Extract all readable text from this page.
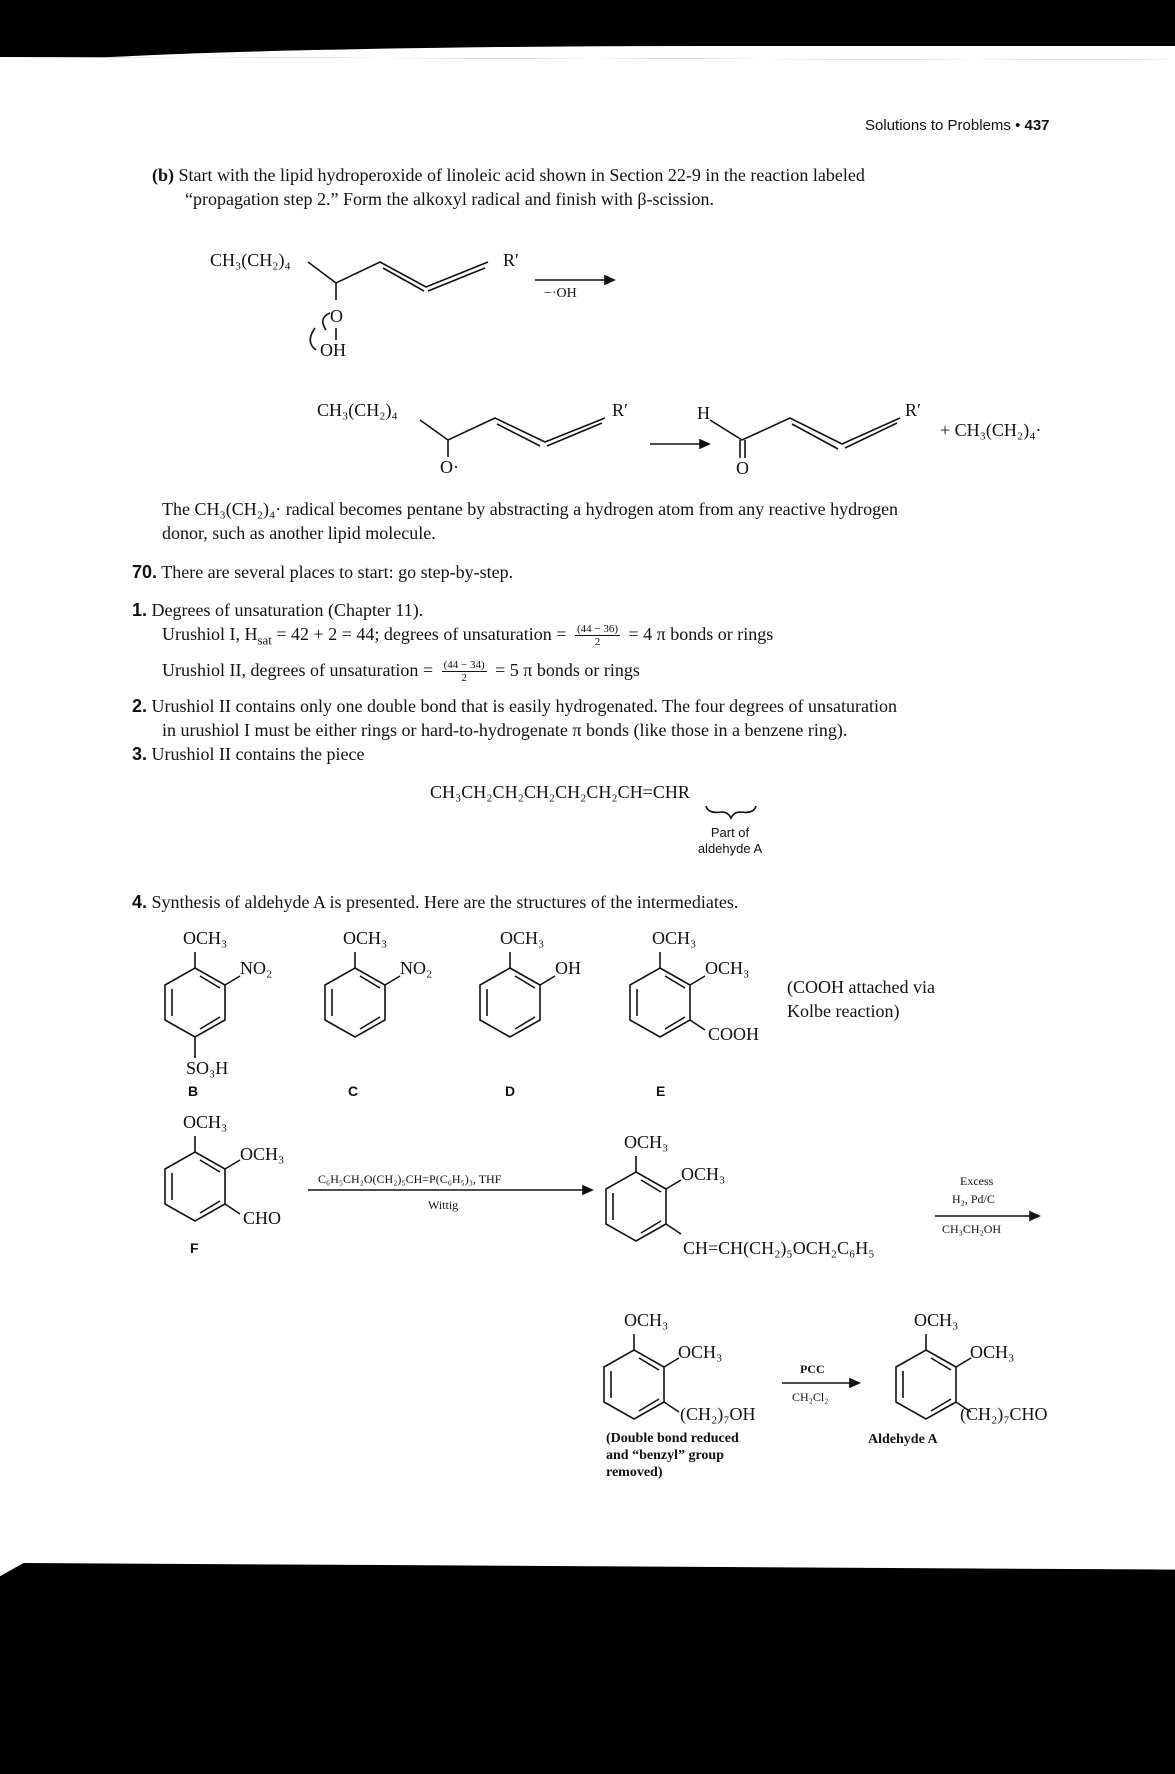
Solutions to Problems • 437
(b) Start with the lipid hydroperoxide of linoleic acid shown in Section 22-9 in the reaction labeled
“propagation step 2.” Form the alkoxyl radical and finish with β-scission.
CH₃(CH₂)₄	R′
−·OH
O
OH
CH₃(CH₂)₄	R′
O·
H	R′
O
+ CH₃(CH₂)₄·
The CH₃(CH₂)₄· radical becomes pentane by abstracting a hydrogen atom from any reactive hydrogen
donor, such as another lipid molecule.
70. There are several places to start: go step-by-step.
1. Degrees of unsaturation (Chapter 11).
Urushiol I, $H_{sat} = 42 + 2 = 44$; degrees of unsaturation = $\frac{(44 - 36)}{2} = 4$ π bonds or rings
Urushiol II, degrees of unsaturation = $\frac{(44 - 34)}{2} = 5$ π bonds or rings
2. Urushiol II contains only one double bond that is easily hydrogenated. The four degrees of unsaturation
in urushiol I must be either rings or hard-to-hydrogenate π bonds (like those in a benzene ring).
3. Urushiol II contains the piece
CH₃CH₂CH₂CH₂CH₂CH₂CH=CHR
Part of
aldehyde A
4. Synthesis of aldehyde A is presented. Here are the structures of the intermediates.
OCH₃
NO₂
SO₃H
B
OCH₃
NO₂
C
OCH₃
OH
D
OCH₃
OCH₃
COOH
E
(COOH attached via
Kolbe reaction)
OCH₃
OCH₃
CHO
F
C₆H₅CH₂O(CH₂)₅CH=P(C₆H₅)₃, THF
Wittig
OCH₃
OCH₃
CH=CH(CH₂)₅OCH₂C₆H₅
Excess
H₂, Pd/C
CH₃CH₂OH
OCH₃
OCH₃
(CH₂)₇OH
(Double bond reduced
and “benzyl” group
removed)
PCC
CH₂Cl₂
OCH₃
OCH₃
(CH₂)₇CHO
Aldehyde A
